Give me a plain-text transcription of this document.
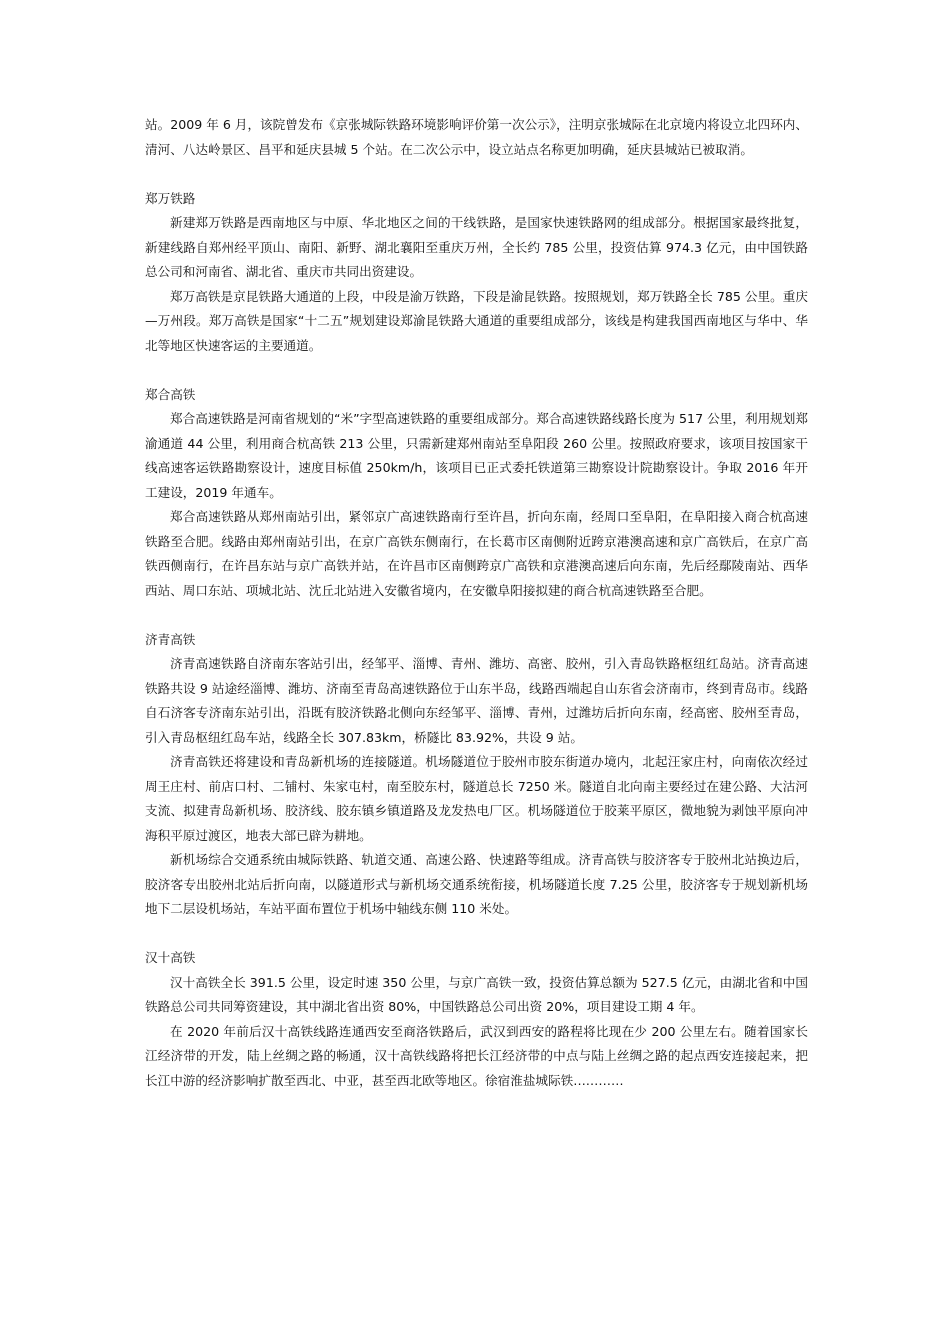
站。2009 年 6 月，该院曾发布《京张城际铁路环境影响评价第一次公示》，注明京张城际在北京境内将设立北四环内、清河、八达岭景区、昌平和延庆县城 5 个站。在二次公示中，设立站点名称更加明确，延庆县城站已被取消。

郑万铁路

新建郑万铁路是西南地区与中原、华北地区之间的干线铁路，是国家快速铁路网的组成部分。根据国家最终批复，新建线路自郑州经平顶山、南阳、新野、湖北襄阳至重庆万州，全长约 785 公里，投资估算 974.3 亿元，由中国铁路总公司和河南省、湖北省、重庆市共同出资建设。

郑万高铁是京昆铁路大通道的上段，中段是渝万铁路，下段是渝昆铁路。按照规划，郑万铁路全长 785 公里。重庆—万州段。郑万高铁是国家“十二五”规划建设郑渝昆铁路大通道的重要组成部分，该线是构建我国西南地区与华中、华北等地区快速客运的主要通道。

郑合高铁

郑合高速铁路是河南省规划的“米”字型高速铁路的重要组成部分。郑合高速铁路线路长度为 517 公里，利用规划郑渝通道 44 公里，利用商合杭高铁 213 公里，只需新建郑州南站至阜阳段 260 公里。按照政府要求，该项目按国家干线高速客运铁路勘察设计，速度目标值 250km/h，该项目已正式委托铁道第三勘察设计院勘察设计。争取 2016 年开工建设，2019 年通车。

郑合高速铁路从郑州南站引出，紧邻京广高速铁路南行至许昌，折向东南，经周口至阜阳，在阜阳接入商合杭高速铁路至合肥。线路由郑州南站引出，在京广高铁东侧南行，在长葛市区南侧附近跨京港澳高速和京广高铁后，在京广高铁西侧南行，在许昌东站与京广高铁并站，在许昌市区南侧跨京广高铁和京港澳高速后向东南，先后经鄢陵南站、西华西站、周口东站、项城北站、沈丘北站进入安徽省境内，在安徽阜阳接拟建的商合杭高速铁路至合肥。

济青高铁

济青高速铁路自济南东客站引出，经邹平、淄博、青州、潍坊、高密、胶州，引入青岛铁路枢纽红岛站。济青高速铁路共设 9 站途经淄博、潍坊、济南至青岛高速铁路位于山东半岛，线路西端起自山东省会济南市，终到青岛市。线路自石济客专济南东站引出，沿既有胶济铁路北侧向东经邹平、淄博、青州，过潍坊后折向东南，经高密、胶州至青岛，引入青岛枢纽红岛车站，线路全长 307.83km，桥隧比 83.92%，共设 9 站。

济青高铁还将建设和青岛新机场的连接隧道。机场隧道位于胶州市胶东街道办境内，北起汪家庄村，向南依次经过周王庄村、前店口村、二铺村、朱家屯村，南至胶东村，隧道总长 7250 米。隧道自北向南主要经过在建公路、大沽河支流、拟建青岛新机场、胶济线、胶东镇乡镇道路及龙发热电厂区。机场隧道位于胶莱平原区，微地貌为剥蚀平原向冲海积平原过渡区，地表大部已辟为耕地。

新机场综合交通系统由城际铁路、轨道交通、高速公路、快速路等组成。济青高铁与胶济客专于胶州北站换边后，胶济客专出胶州北站后折向南，以隧道形式与新机场交通系统衔接，机场隧道长度 7.25 公里，胶济客专于规划新机场地下二层设机场站，车站平面布置位于机场中轴线东侧 110 米处。

汉十高铁

汉十高铁全长 391.5 公里，设定时速 350 公里，与京广高铁一致，投资估算总额为 527.5 亿元，由湖北省和中国铁路总公司共同筹资建设，其中湖北省出资 80%，中国铁路总公司出资 20%，项目建设工期 4 年。

在 2020 年前后汉十高铁线路连通西安至商洛铁路后，武汉到西安的路程将比现在少 200 公里左右。随着国家长江经济带的开发，陆上丝绸之路的畅通，汉十高铁线路将把长江经济带的中点与陆上丝绸之路的起点西安连接起来，把长江中游的经济影响扩散至西北、中亚，甚至西北欧等地区。徐宿淮盐城际铁…………
